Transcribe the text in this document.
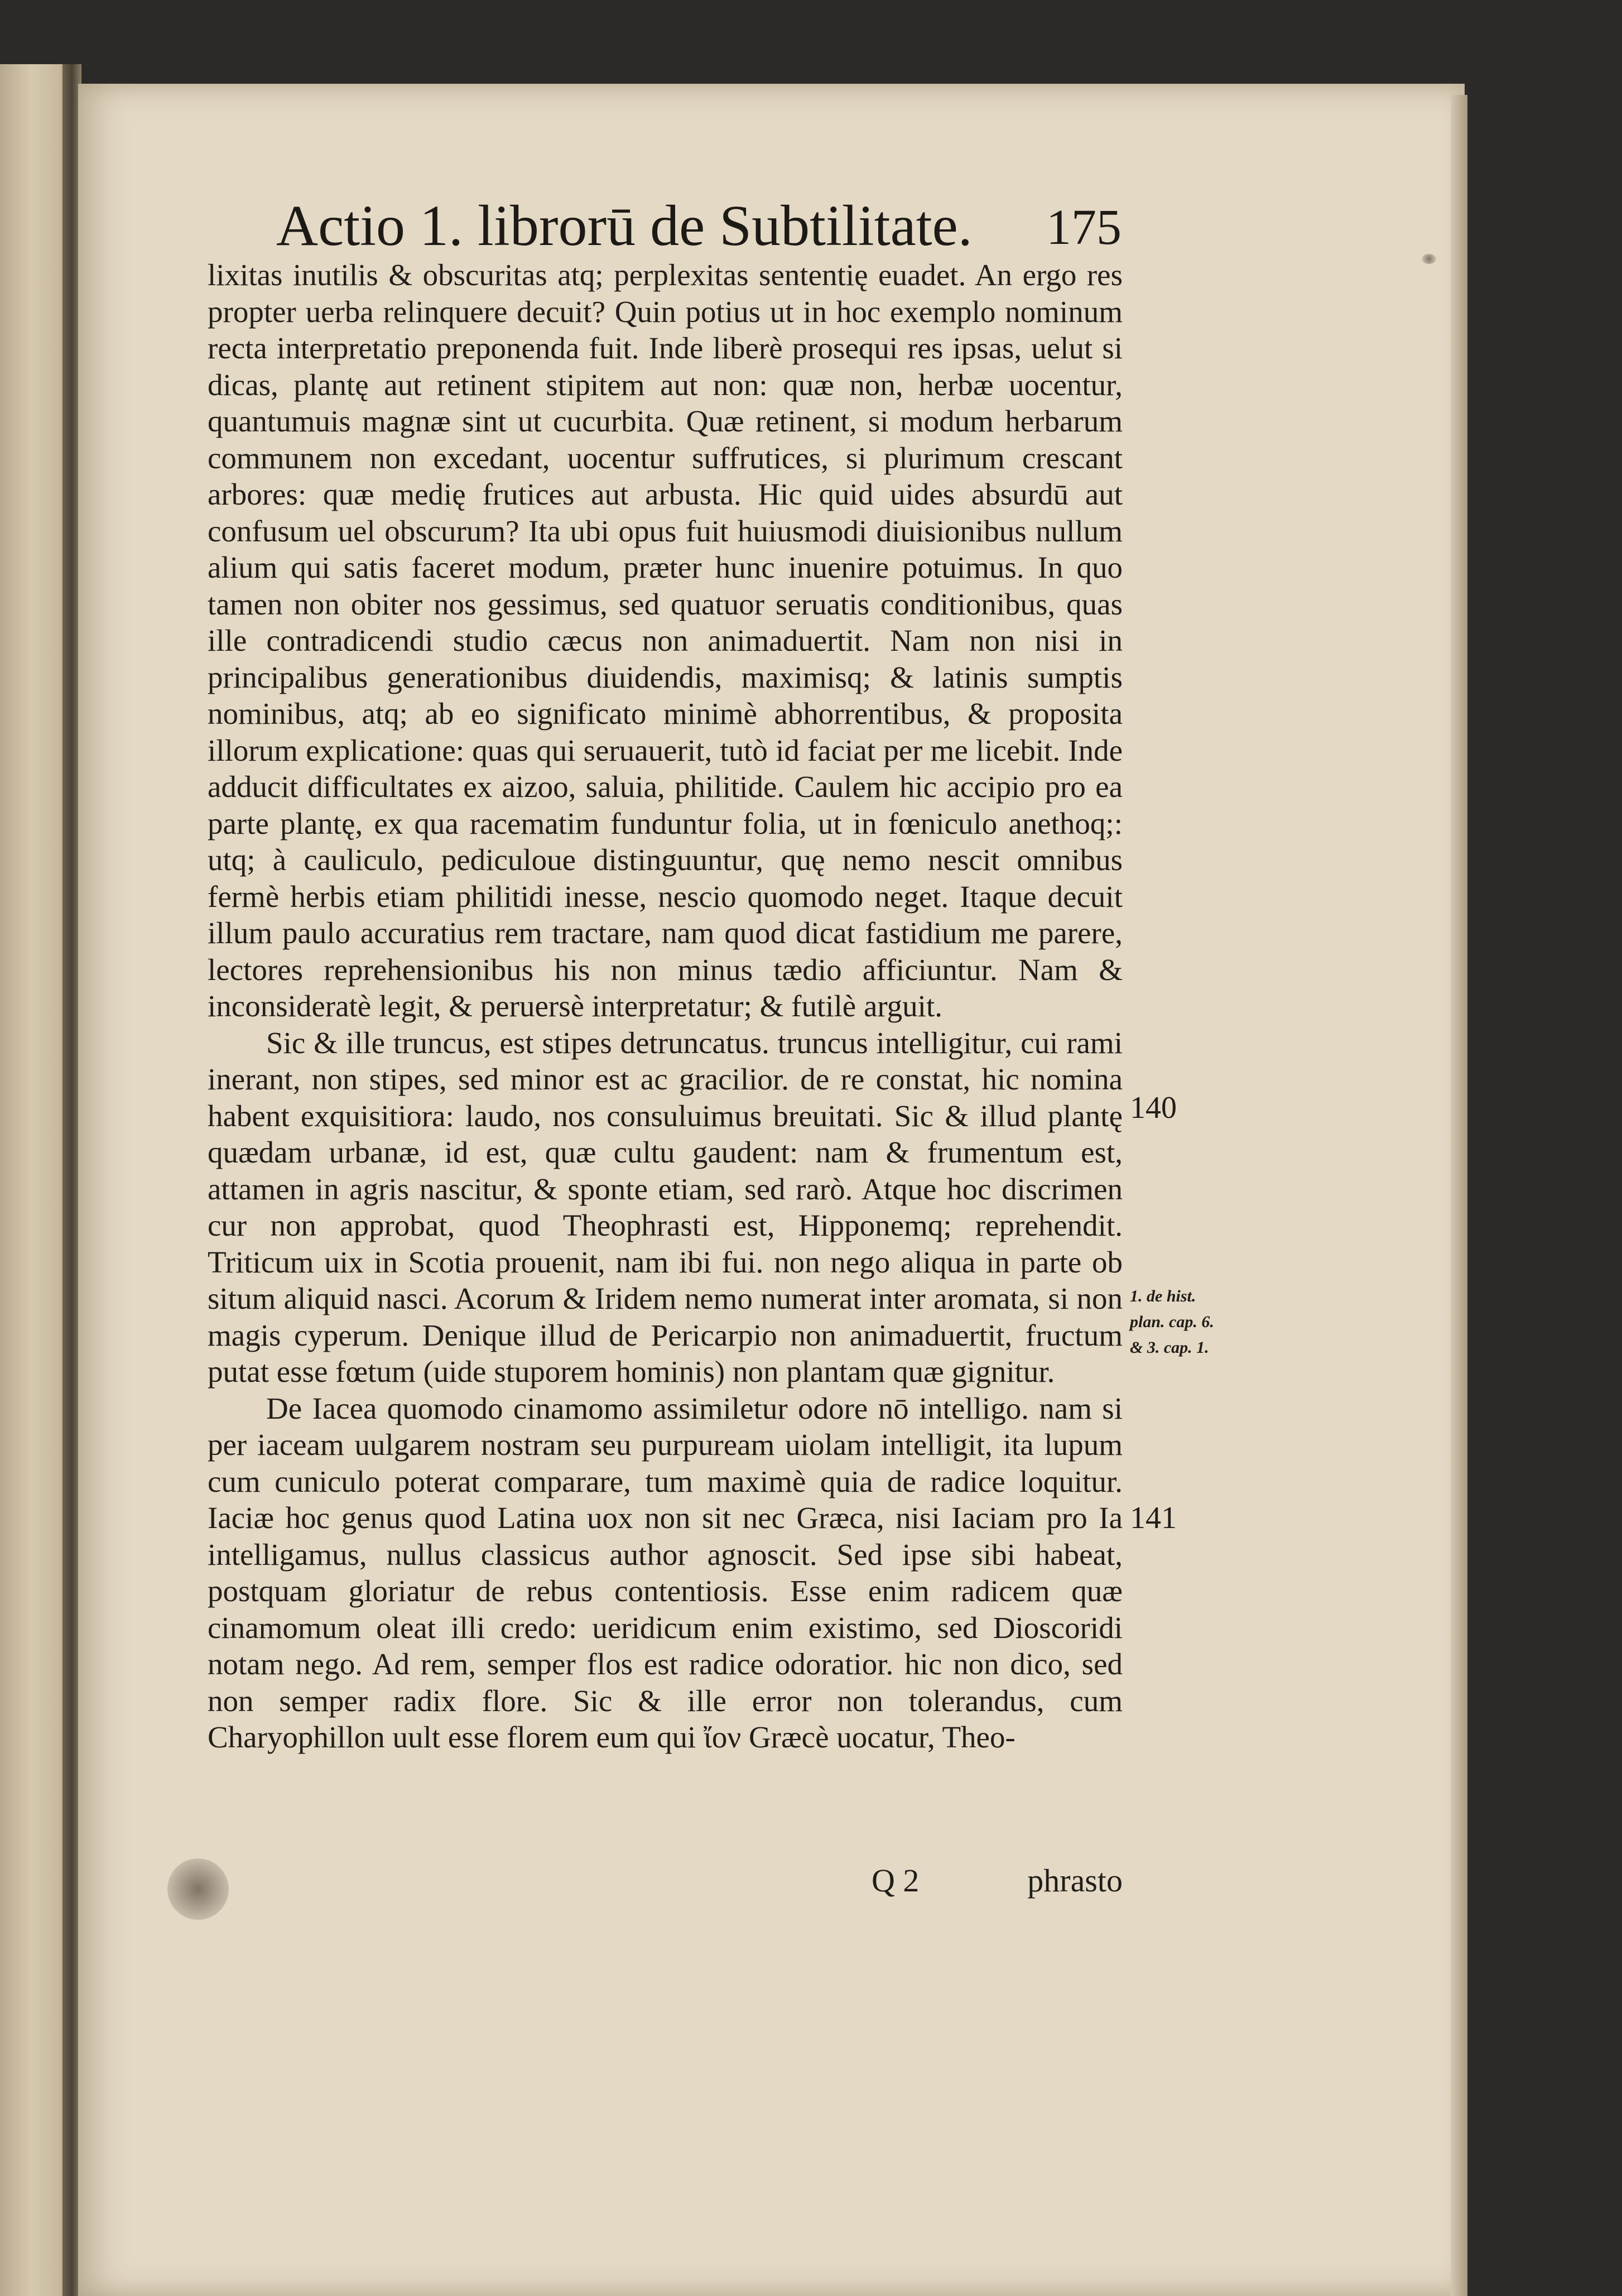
Actio 1. librorū de Subtilitate.	175

lixitas inutilis & obscuritas atq; perplexitas sententię euadet. An ergo res propter uerba relinquere decuit? Quin potius ut in hoc exemplo nominum recta interpretatio preponenda fuit. Inde liberè prosequi res ipsas, uelut si dicas, plantę aut retinent stipitem aut non: quæ non, herbæ uocentur, quantumuis magnæ sint ut cucurbita. Quæ retinent, si modum herbarum communem non excedant, uocentur suffrutices, si plurimum crescant arbores: quæ medię frutices aut arbusta. Hic quid uides absurdū aut confusum uel obscurum? Ita ubi opus fuit huiusmodi diuisionibus nullum alium qui satis faceret modum, præter hunc inuenire potuimus. In quo tamen non obiter nos gessimus, sed quatuor seruatis conditionibus, quas ille contradicendi studio cæcus non animaduertit. Nam non nisi in principalibus generationibus diuidendis, maximisq; & latinis sumptis nominibus, atq; ab eo significato minimè abhorrentibus, & proposita illorum explicatione: quas qui seruauerit, tutò id faciat per me licebit. Inde adducit difficultates ex aizoo, saluia, philitide. Caulem hic accipio pro ea parte plantę, ex qua racematim funduntur folia, ut in fœniculo anethoq;: utq; à cauliculo, pediculoue distinguuntur, quę nemo nescit omnibus fermè herbis etiam philitidi inesse, nescio quomodo neget. Itaque decuit illum paulo accuratius rem tractare, nam quod dicat fastidium me parere, lectores reprehensionibus his non minus tædio afficiuntur. Nam & inconsideratè legit, & peruersè interpretatur; & futilè arguit.

Sic & ille truncus, est stipes detruncatus. truncus intelligitur, cui rami inerant, non stipes, sed minor est ac gracilior. de re constat, hic nomina habent exquisitiora: laudo, nos consuluimus breuitati. Sic & illud plantę quædam urbanæ, id est, quæ cultu gaudent: nam & frumentum est, attamen in agris nascitur, & sponte etiam, sed rarò. Atque hoc discrimen cur non approbat, quod Theophrasti est, Hipponemq; reprehendit. Triticum uix in Scotia prouenit, nam ibi fui. non nego aliqua in parte ob situm aliquid nasci. Acorum & Iridem nemo numerat inter aromata, si non magis cyperum. Denique illud de Pericarpio non animaduertit, fructum putat esse fœtum (uide stuporem hominis) non plantam quæ gignitur.

De Iacea quomodo cinamomo assimiletur odore nō intelligo. nam si per iaceam uulgarem nostram seu purpuream uiolam intelligit, ita lupum cum cuniculo poterat comparare, tum maximè quia de radice loquitur. Iaciæ hoc genus quod Latina uox non sit nec Græca, nisi Iaciam pro Ia intelligamus, nullus classicus author agnoscit. Sed ipse sibi habeat, postquam gloriatur de rebus contentiosis. Esse enim radicem quæ cinamomum oleat illi credo: ueridicum enim existimo, sed Dioscoridi notam nego. Ad rem, semper flos est radice odoratior. hic non dico, sed non semper radix flore. Sic & ille error non tolerandus, cum Charyophillon uult esse florem eum qui ἴον Græcè uocatur, Theo-

140
141
1. de hist.
plan. cap. 6.
& 3. cap. 1.
Q 2	phrasto
